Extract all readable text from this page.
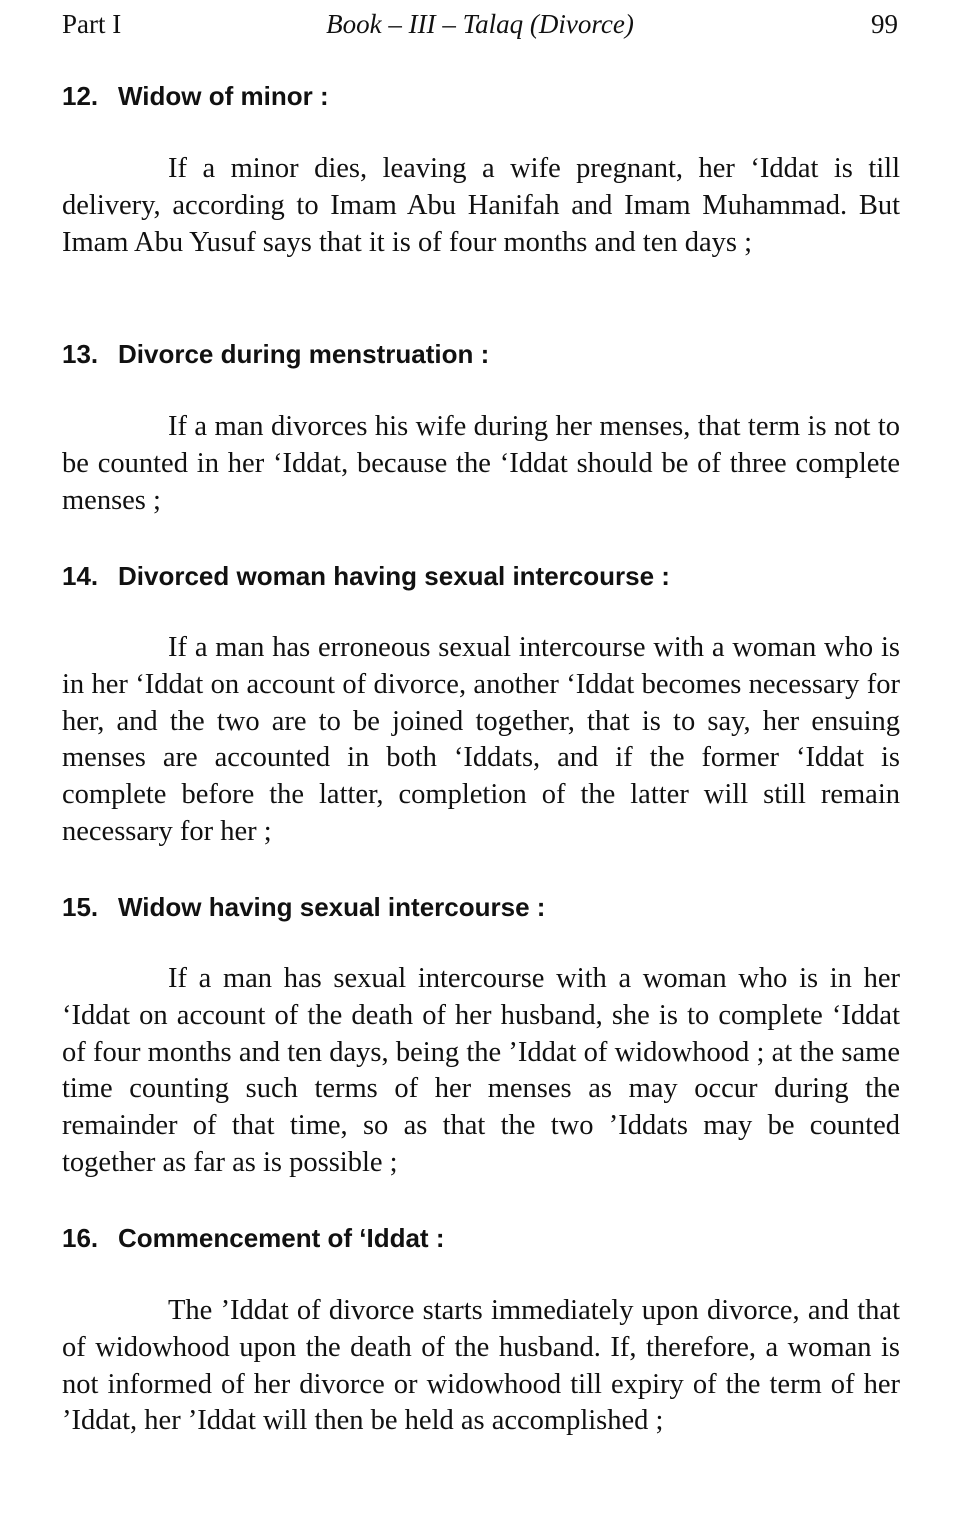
Part I	Book – III – Talaq (Divorce)	99
12. Widow of minor :

If a minor dies, leaving a wife pregnant, her ‘Iddat is till delivery, according to Imam Abu Hanifah and Imam Muhammad. But Imam Abu Yusuf says that it is of four months and ten days ;

13. Divorce during menstruation :

If a man divorces his wife during her menses, that term is not to be counted in her ‘Iddat, because the ‘Iddat should be of three complete menses ;

14. Divorced woman having sexual intercourse :

If a man has erroneous sexual intercourse with a woman who is in her ‘Iddat on account of divorce, another ‘Iddat becomes necessary for her, and the two are to be joined together, that is to say, her ensuing menses are accounted in both ‘Iddats, and if the former ‘Iddat is complete before the latter, completion of the latter will still remain necessary for her ;

15. Widow having sexual intercourse :

If a man has sexual intercourse with a woman who is in her ‘Iddat on account of the death of her husband, she is to complete ‘Iddat of four months and ten days, being the ’Iddat of widowhood ; at the same time counting such terms of her menses as may occur during the remainder of that time, so as that the two ’Iddats may be counted together as far as is possible ;

16. Commencement of ‘Iddat :

The ’Iddat of divorce starts immediately upon divorce, and that of widowhood upon the death of the husband. If, therefore, a woman is not informed of her divorce or widowhood till expiry of the term of her ’Iddat, her ’Iddat will then be held as accomplished ;
